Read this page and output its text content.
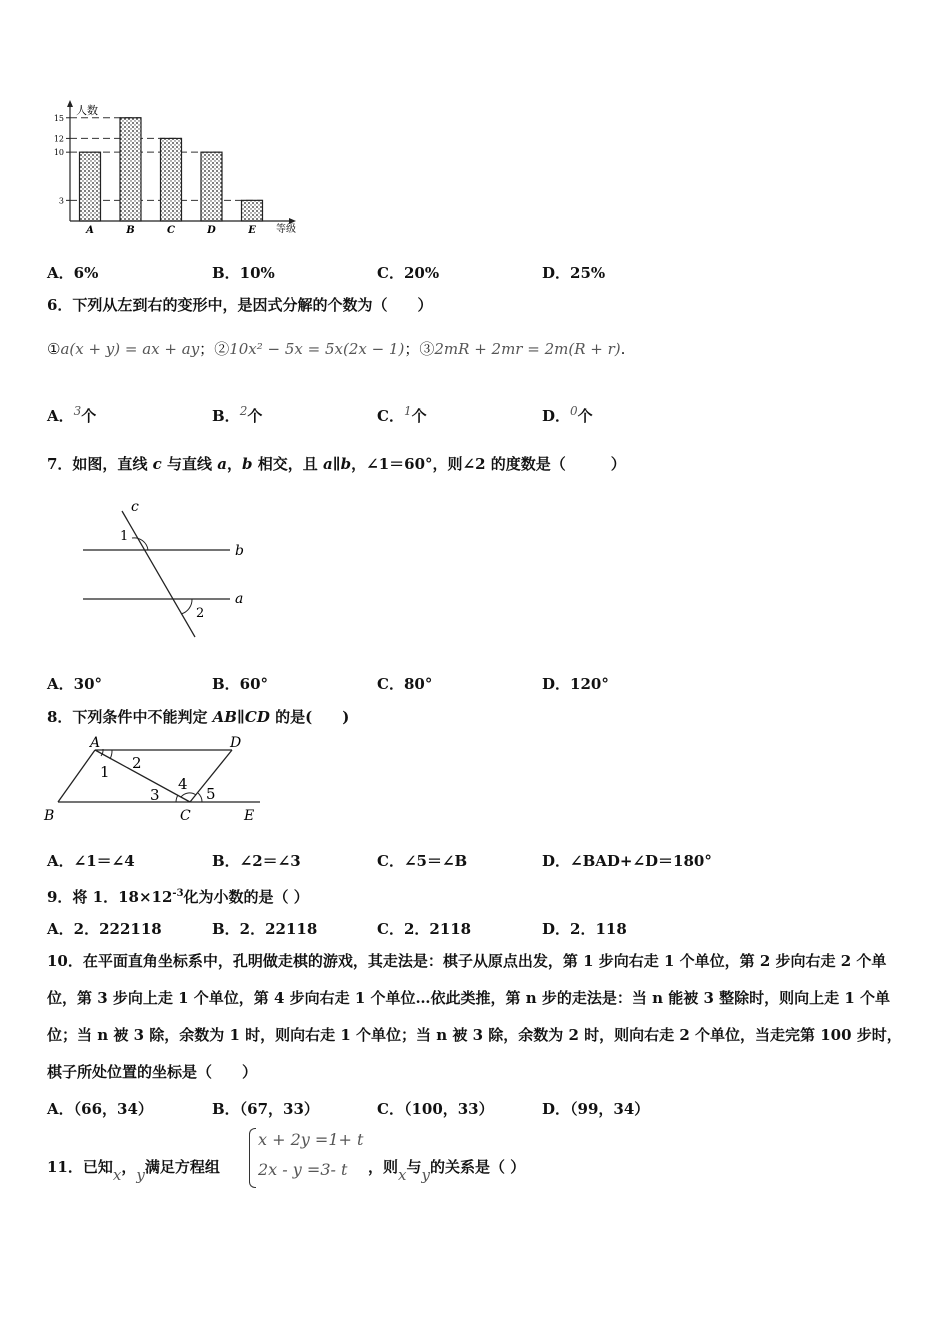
3
10
12
15
A	B	C	D	E
人数
等级
A．6%	B．10%	C．20%	D．25%
6．下列从左到右的变形中，是因式分解的个数为（　　）
①a(x + y) = ax + ay；②10x² − 5x = 5x(2x − 1)；③2mR + 2mr = 2m(R + r).
A．$^3$个	B．$^2$个	C．$^1$个	D．$^0$个
7．如图，直线 c 与直线 a，b 相交，且 a∥b，∠1＝60°，则∠2 的度数是（　　　）
c
b
a
1
2
A．30°	B．60°	C．80°	D．120°
8．下列条件中不能判定 AB∥CD 的是(　　)
A	D
B	C	E
1 2
3
4
5
A．∠1＝∠4	B．∠2＝∠3	C．∠5＝∠B	D．∠BAD+∠D＝180°
9．将 1．$18\times 12^{-3}$化为小数的是（ ）
A．2．222118	B．2．22118	C．2．2118	D．2．118
10．在平面直角坐标系中，孔明做走棋的游戏，其走法是：棋子从原点出发，第 1 步向右走 1 个单位，第 2 步向右走 2 个单位，第 3 步向上走 1 个单位，第 4 步向右走 1 个单位…依此类推，第 n 步的走法是：当 n 能被 3 整除时，则向上走 1 个单位；当 n 被 3 除，余数为 1 时，则向右走 1 个单位；当 n 被 3 除，余数为 2 时，则向右走 2 个单位，当走完第 100 步时，棋子所处位置的坐标是（　　）
A．（66，34）	B．（67，33）	C．（100，33）	D．（99，34）
11．已知x，y满足方程组
x + 2y =1+ t
2x - y =3- t ，则x与y的关系是（ ）
